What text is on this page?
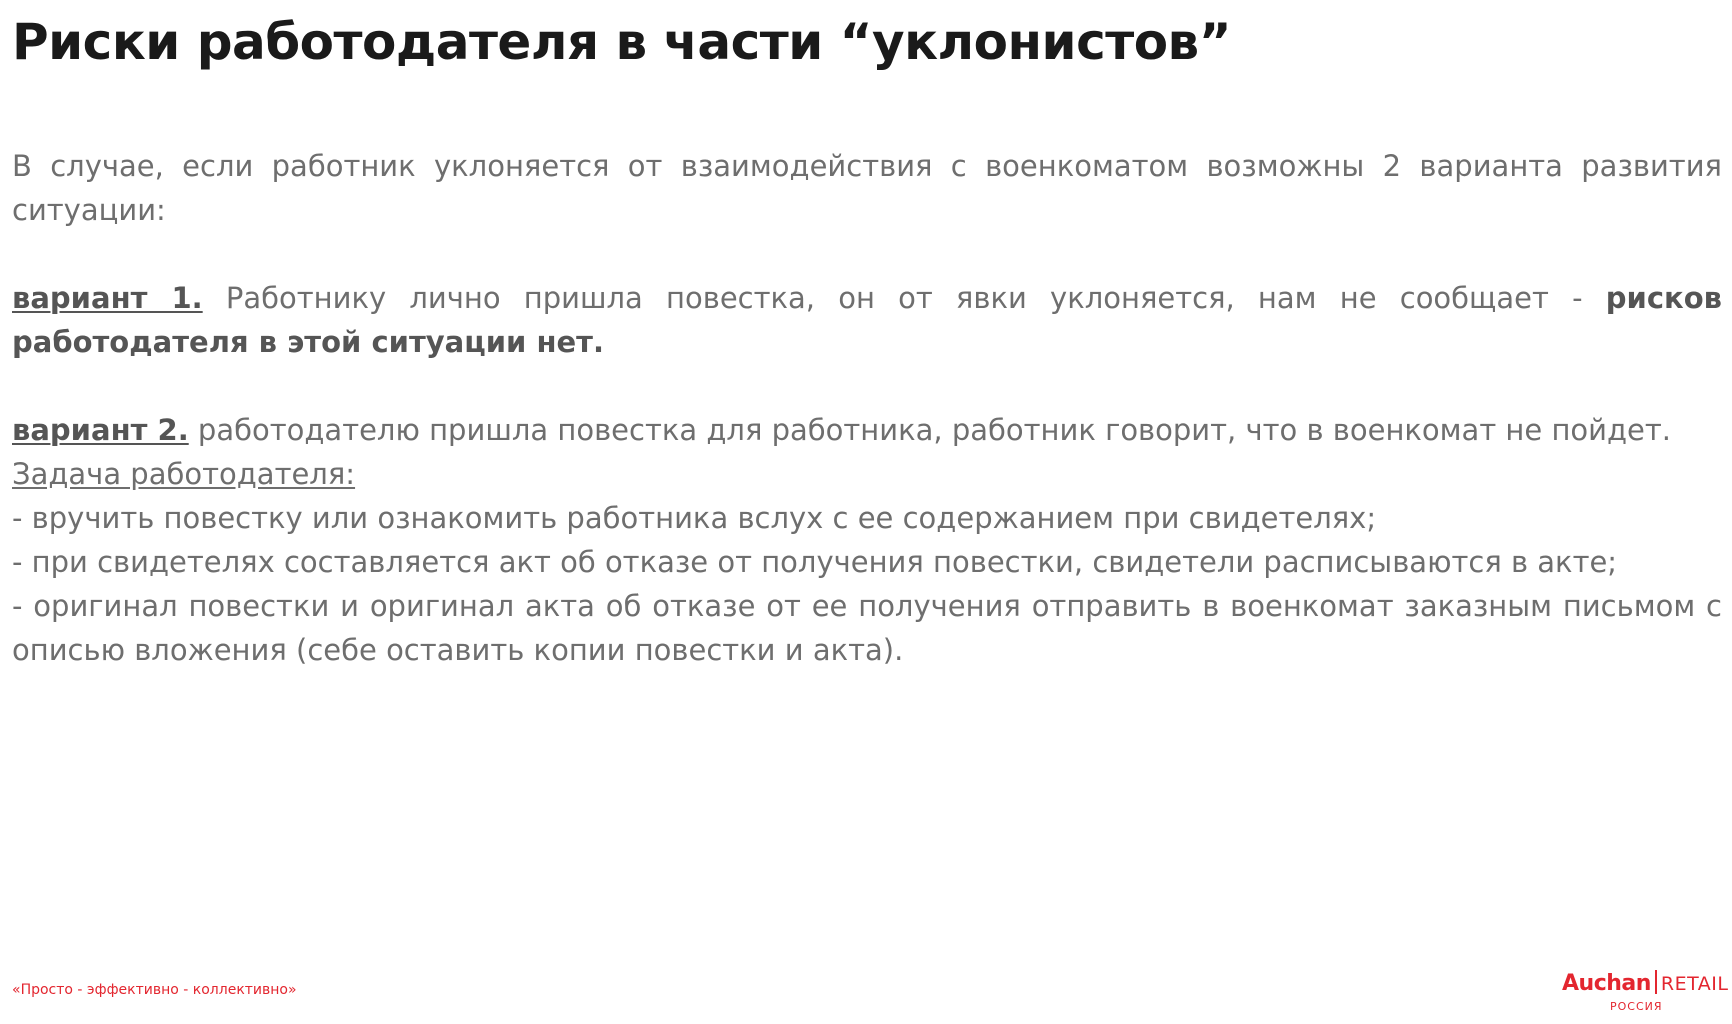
Риски работодателя в части “уклонистов”

В случае, если работник уклоняется от взаимодействия с военкоматом возможны 2 варианта развития ситуации:

вариант 1. Работнику лично пришла повестка, он от явки уклоняется, нам не сообщает - рисков работодателя в этой ситуации нет.

вариант 2. работодателю пришла повестка для работника, работник говорит, что в военкомат не пойдет.

Задача работодателя:

- вручить повестку или ознакомить работника вслух с ее содержанием при свидетелях;

- при свидетелях составляется акт об отказе от получения повестки, свидетели расписываются в акте;

- оригинал повестки и оригинал акта об отказе от ее получения отправить в военкомат заказным письмом с описью вложения (себе оставить копии повестки и акта).

«Просто - эффективно - коллективно»	Auchan RETAIL
РОССИЯ
